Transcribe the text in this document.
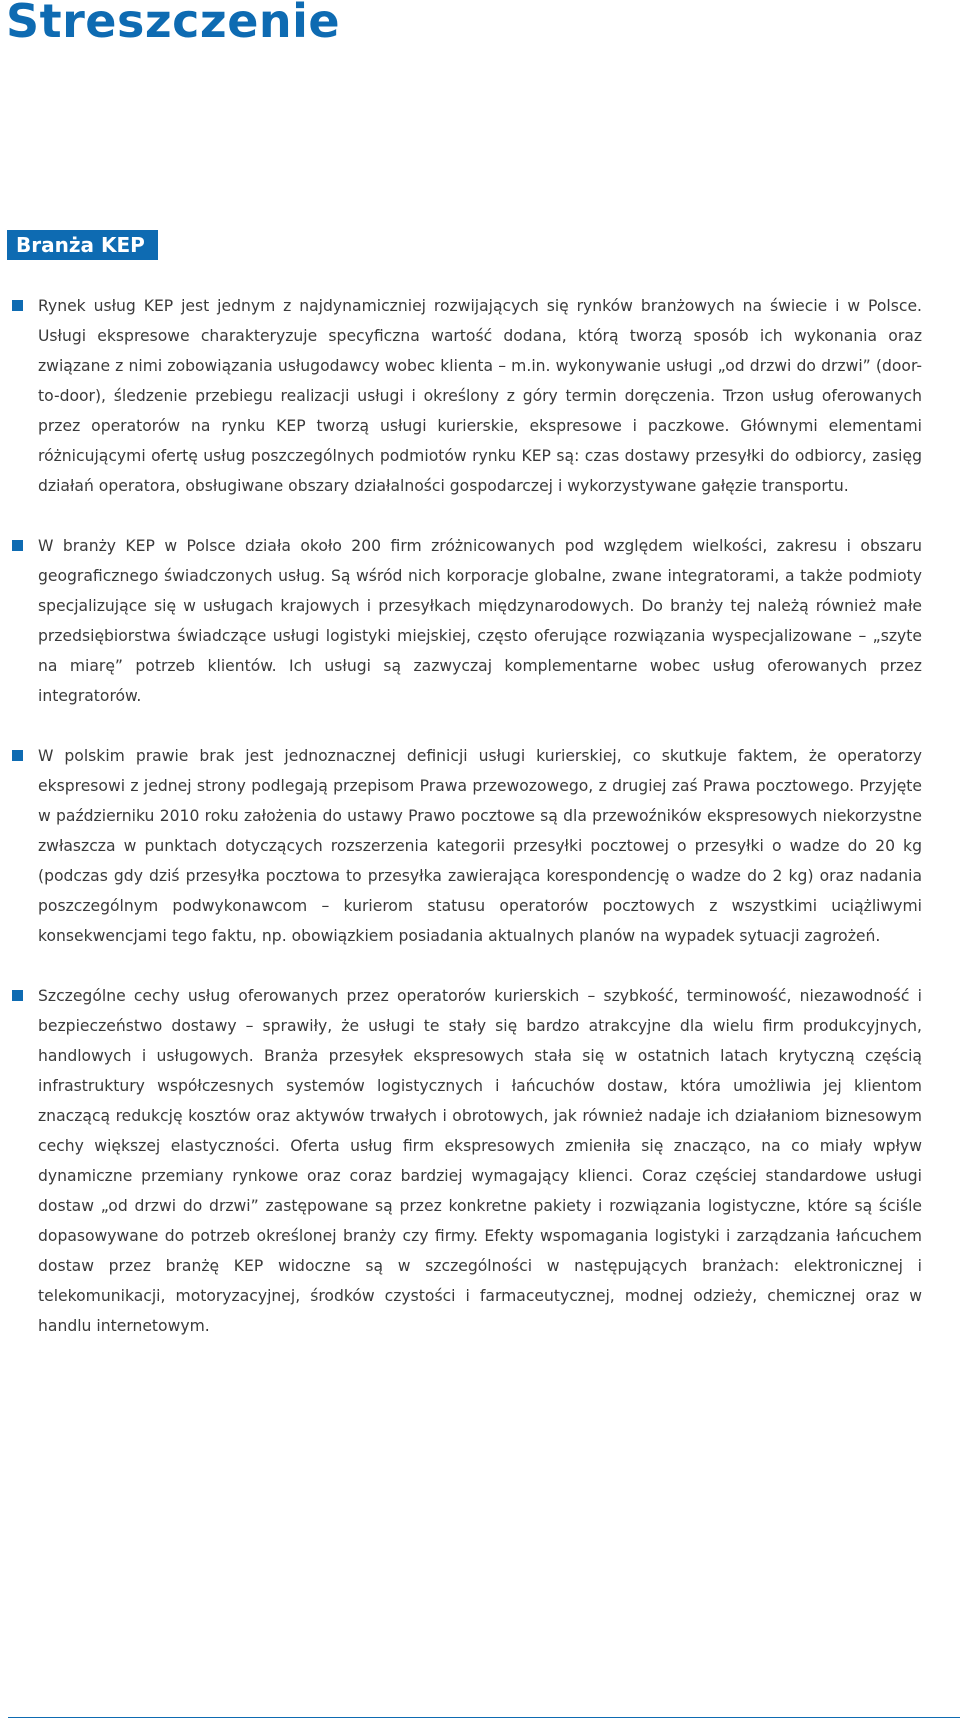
Streszczenie
Branża KEP

Rynek usług KEP jest jednym z najdynamiczniej rozwijających się rynków branżowych na świecie i w Polsce. Usługi ekspresowe charakteryzuje specyficzna wartość dodana, którą tworzą sposób ich wykonania oraz związane z nimi zobowiązania usługodawcy wobec klienta – m.in. wykonywanie usługi „od drzwi do drzwi” (door-to-door), śledzenie przebiegu realizacji usługi i określony z góry termin doręczenia. Trzon usług oferowanych przez operatorów na rynku KEP tworzą usługi kurierskie, ekspresowe i paczkowe. Głównymi elementami różnicującymi ofertę usług poszczególnych podmiotów rynku KEP są: czas dostawy przesyłki do odbiorcy, zasięg działań operatora, obsługiwane obszary działalności gospodarczej i wykorzystywane gałęzie transportu.

W branży KEP w Polsce działa około 200 firm zróżnicowanych pod względem wielkości, zakresu i obszaru geograficznego świadczonych usług. Są wśród nich korporacje globalne, zwane integratorami, a także podmioty specjalizujące się w usługach krajowych i przesyłkach międzynarodowych. Do branży tej należą również małe przedsiębiorstwa świadczące usługi logistyki miejskiej, często oferujące rozwiązania wyspecjalizowane – „szyte na miarę” potrzeb klientów. Ich usługi są zazwyczaj komplementarne wobec usług oferowanych przez integratorów.

W polskim prawie brak jest jednoznacznej definicji usługi kurierskiej, co skutkuje faktem, że operatorzy ekspresowi z jednej strony podlegają przepisom Prawa przewozowego, z drugiej zaś Prawa pocztowego. Przyjęte w październiku 2010 roku założenia do ustawy Prawo pocztowe są dla przewoźników ekspresowych niekorzystne zwłaszcza w punktach dotyczących rozszerzenia kategorii przesyłki pocztowej o przesyłki o wadze do 20 kg (podczas gdy dziś przesyłka pocztowa to przesyłka zawierająca korespondencję o wadze do 2 kg) oraz nadania poszczególnym podwykonawcom – kurierom statusu operatorów pocztowych z wszystkimi uciążliwymi konsekwencjami tego faktu, np. obowiązkiem posiadania aktualnych planów na wypadek sytuacji zagrożeń.

Szczególne cechy usług oferowanych przez operatorów kurierskich – szybkość, terminowość, niezawodność i bezpieczeństwo dostawy – sprawiły, że usługi te stały się bardzo atrakcyjne dla wielu firm produkcyjnych, handlowych i usługowych. Branża przesyłek ekspresowych stała się w ostatnich latach krytyczną częścią infrastruktury współczesnych systemów logistycznych i łańcuchów dostaw, która umożliwia jej klientom znaczącą redukcję kosztów oraz aktywów trwałych i obrotowych, jak również nadaje ich działaniom biznesowym cechy większej elastyczności. Oferta usług firm ekspresowych zmieniła się znacząco, na co miały wpływ dynamiczne przemiany rynkowe oraz coraz bardziej wymagający klienci. Coraz częściej standardowe usługi dostaw „od drzwi do drzwi” zastępowane są przez konkretne pakiety i rozwiązania logistyczne, które są ściśle dopasowywane do potrzeb określonej branży czy firmy. Efekty wspomagania logistyki i zarządzania łańcuchem dostaw przez branżę KEP widoczne są w szczególności w następujących branżach: elektronicznej i telekomunikacji, motoryzacyjnej, środków czystości i farmaceutycznej, modnej odzieży, chemicznej oraz w handlu internetowym.
